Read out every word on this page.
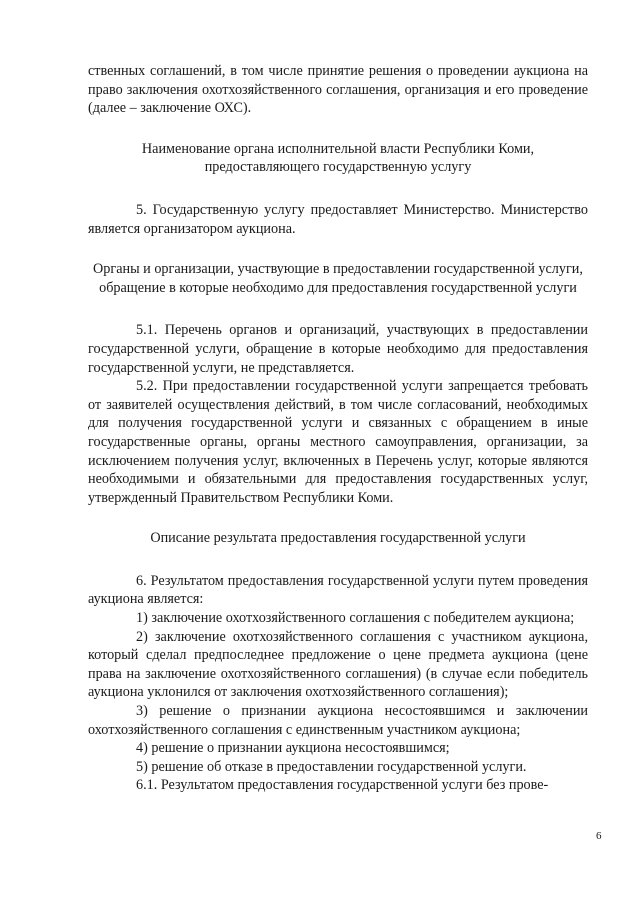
ственных соглашений, в том числе принятие решения о проведении аукциона на право заключения охотхозяйственного соглашения, организация и его проведение (далее – заключение ОХС).

Наименование органа исполнительной власти Республики Коми, предоставляющего государственную услугу

5. Государственную услугу предоставляет Министерство. Министерство является организатором аукциона.

Органы и организации, участвующие в предоставлении государственной услуги, обращение в которые необходимо для предоставления государственной услуги

5.1. Перечень органов и организаций, участвующих в предоставлении государственной услуги, обращение в которые необходимо для предоставления государственной услуги, не представляется.

5.2. При предоставлении государственной услуги запрещается требовать от заявителей осуществления действий, в том числе согласований, необходимых для получения государственной услуги и связанных с обращением в иные государственные органы, органы местного самоуправления, организации, за исключением получения услуг, включенных в Перечень услуг, которые являются необходимыми и обязательными для предоставления государственных услуг, утвержденный Правительством Республики Коми.

Описание результата предоставления государственной услуги

6. Результатом предоставления государственной услуги путем проведения аукциона является:

1) заключение охотхозяйственного соглашения с победителем аукциона;

2) заключение охотхозяйственного соглашения с участником аукциона, который сделал предпоследнее предложение о цене предмета аукциона (цене права на заключение охотхозяйственного соглашения) (в случае если победитель аукциона уклонился от заключения охотхозяйственного соглашения);

3) решение о признании аукциона несостоявшимся и заключении охотхозяйственного соглашения с единственным участником аукциона;

4) решение о признании аукциона несостоявшимся;

5) решение об отказе в предоставлении государственной услуги.

6.1. Результатом предоставления государственной услуги без прове-

6
